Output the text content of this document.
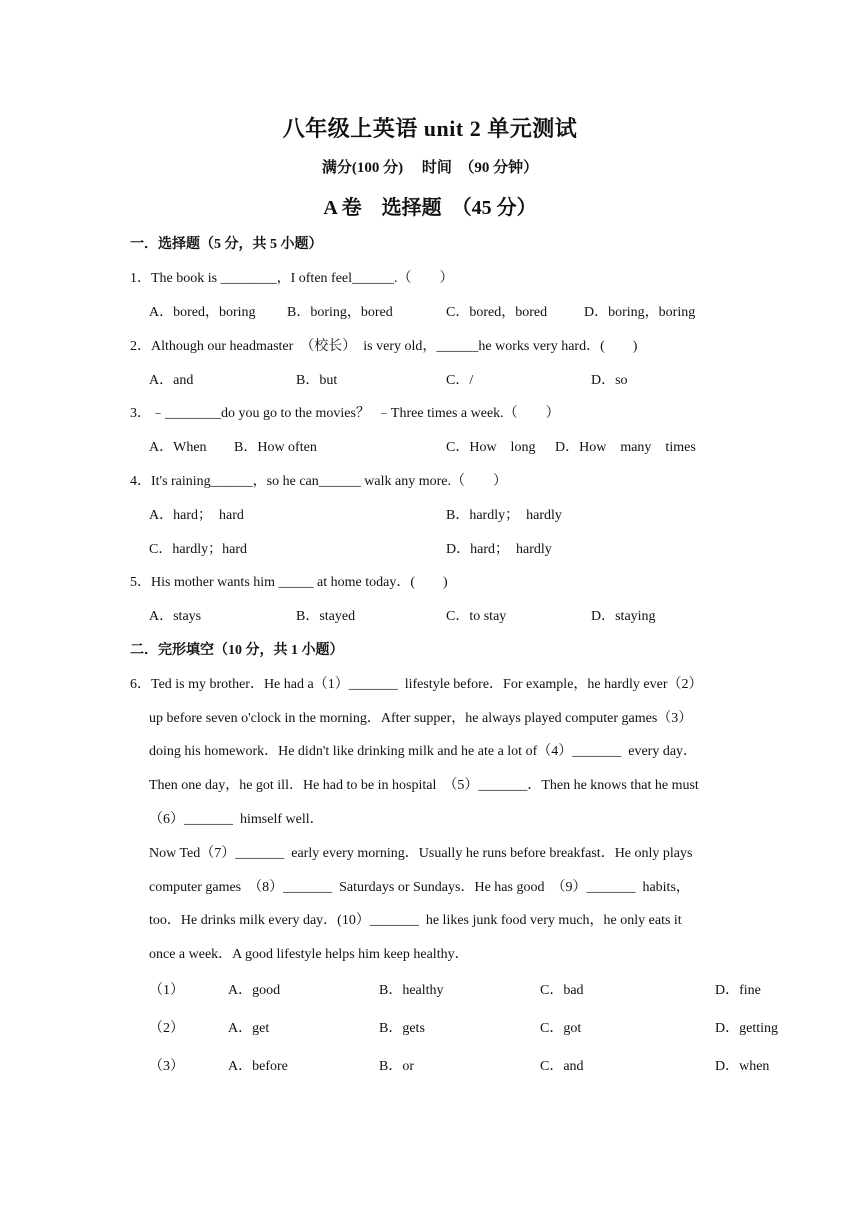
八年级上英语 unit 2 单元测试
满分(100 分)     时间  （90 分钟）
A 卷    选择题  （45 分）
一．选择题（5 分，共 5 小题）
1．The book is ________，I often feel______.（        ）
A．bored，boring B．boring，bored	C．bored，bored	D．boring，boring
2．Although our headmaster  （校长）  is very old，______he works very hard．(        )
A．and	B．but	C．/	D．so
3．﹣________do you go to the movies？  ﹣Three times a week.（        ）
A．When B．How often	C．How    long D．How    many    times
4．It's raining______，so he can______ walk any more.（        ）
A．hard；  hard	B．hardly；  hardly
C．hardly；hard	D．hard；  hardly
5．His mother wants him _____ at home today．(        )
A．stays	B．stayed	C．to stay	D．staying
二．完形填空（10 分，共 1 小题）
6．Ted is my brother．He had a（1）_______  lifestyle before．For example，he hardly ever（2）
up before seven o'clock in the morning．After supper，he always played computer games（3）
doing his homework．He didn't like drinking milk and he ate a lot of（4）_______  every day．
Then one day，he got ill．He had to be in hospital  （5）_______．Then he knows that he must
（6）_______  himself well．
Now Ted（7）_______  early every morning．Usually he runs before breakfast．He only plays
computer games  （8）_______  Saturdays or Sundays．He has good  （9）_______  habits，
too．He drinks milk every day．(10）_______  he likes junk food very much，he only eats it
once a week．A good lifestyle helps him keep healthy．
（1）	A．good	B．healthy	C．bad	D．fine
（2）	A．get	B．gets	C．got	D．getting
（3）	A．before	B．or	C．and	D．when
